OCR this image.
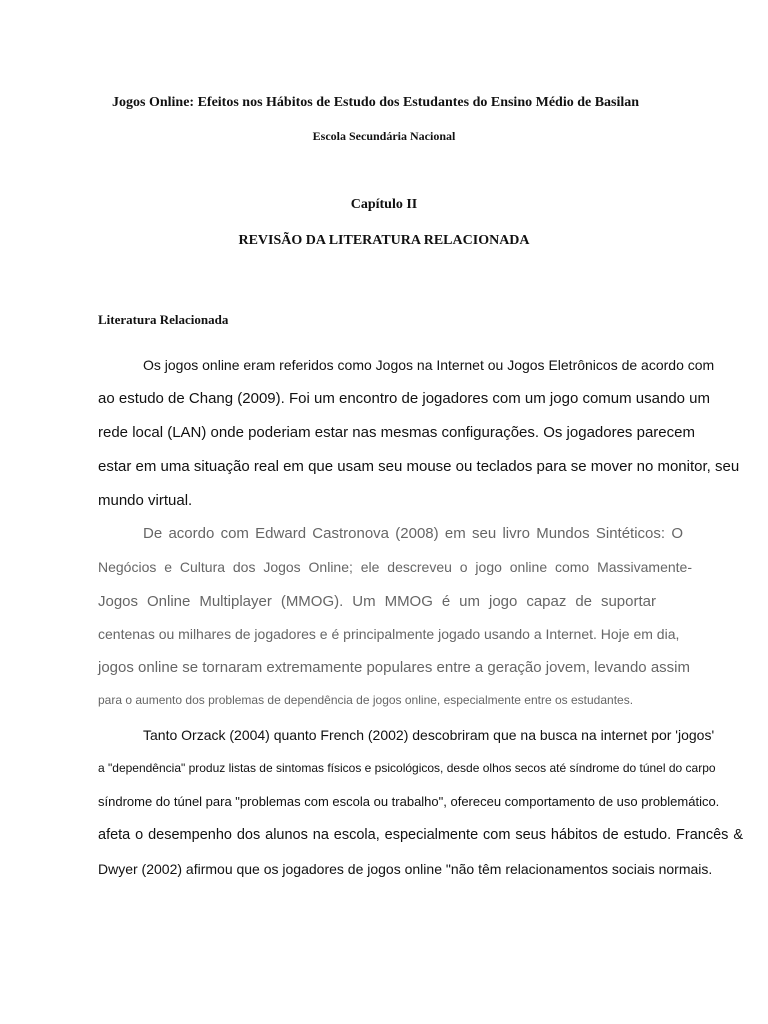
Jogos Online: Efeitos nos Hábitos de Estudo dos Estudantes do Ensino Médio de Basilan
Escola Secundária Nacional
Capítulo II
REVISÃO DA LITERATURA RELACIONADA
Literatura Relacionada
Os jogos online eram referidos como Jogos na Internet ou Jogos Eletrônicos de acordo com
ao estudo de Chang (2009). Foi um encontro de jogadores com um jogo comum usando um
rede local (LAN) onde poderiam estar nas mesmas configurações. Os jogadores parecem
estar em uma situação real em que usam seu mouse ou teclados para se mover no monitor, seu
mundo virtual.
De acordo com Edward Castronova (2008) em seu livro Mundos Sintéticos: O
Negócios e Cultura dos Jogos Online; ele descreveu o jogo online como Massivamente-
Jogos Online Multiplayer (MMOG). Um MMOG é um jogo capaz de suportar
centenas ou milhares de jogadores e é principalmente jogado usando a Internet. Hoje em dia,
jogos online se tornaram extremamente populares entre a geração jovem, levando assim
para o aumento dos problemas de dependência de jogos online, especialmente entre os estudantes.
Tanto Orzack (2004) quanto French (2002) descobriram que na busca na internet por 'jogos'
a "dependência" produz listas de sintomas físicos e psicológicos, desde olhos secos até síndrome do túnel do carpo
síndrome do túnel para "problemas com escola ou trabalho", ofereceu comportamento de uso problemático.
afeta o desempenho dos alunos na escola, especialmente com seus hábitos de estudo. Francês &
Dwyer (2002) afirmou que os jogadores de jogos online "não têm relacionamentos sociais normais.
